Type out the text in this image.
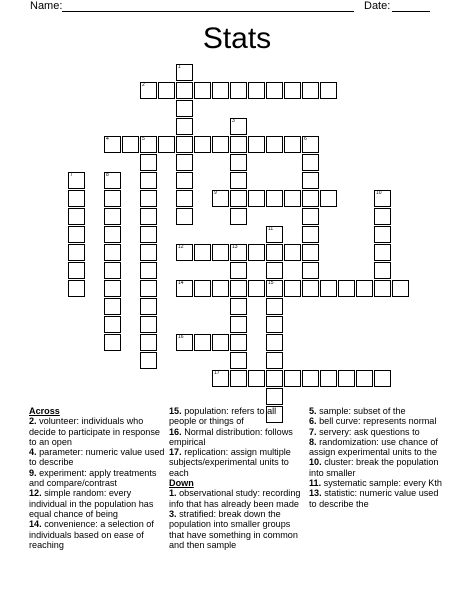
Name:	Date:
Stats
2
4	5	6
9
12	13
14	15
16
17
1
3
7	8
10
11
Across
2. volunteer: individuals who decide to participate in response to an open
4. parameter: numeric value used to describe
9. experiment: apply treatments and compare/contrast
12. simple random: every individual in the population has equal chance of being
14. convenience: a selection of individuals based on ease of reaching
15. population: refers to all people or things of
16. Normal distribution: follows empirical
17. replication: assign multiple subjects/experimental units to each
Down
1. observational study: recording info that has already been made
3. stratified: break down the population into smaller groups that have something in common and then sample
5. sample: subset of the
6. bell curve: represents normal
7. servery: ask questions to
8. randomization: use chance of assign experimental units to the
10. cluster: break the population into smaller
11. systematic sample: every Kth
13. statistic: numeric value used to describe the
